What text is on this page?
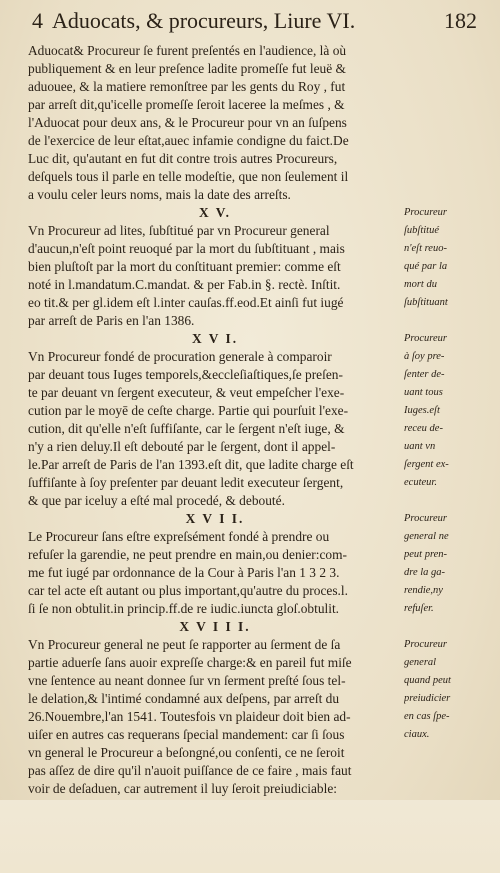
4 Aduocats, & procureurs, Liure VI.	182
Aduocat& Procureur ſe furent preſentés en l'audience, là où
publiquement & en leur preſence ladite promeſſe fut leuë &
aduouee, & la matiere remonſtree par les gents du Roy , fut
par arreſt dit,qu'icelle promeſſe ſeroit laceree la meſmes , &
l'Aduocat pour deux ans, & le Procureur pour vn an ſuſpens
de l'exercice de leur eſtat,auec infamie condigne du faict.De
Luc dit, qu'autant en fut dit contre trois autres Procureurs,
deſquels tous il parle en telle modeſtie, que non ſeulement il
a voulu celer leurs noms, mais la date des arreſts.
X V.
Vn Procureur ad lites, ſubſtitué par vn Procureur general
d'aucun,n'eſt point reuoqué par la mort du ſubſtituant , mais
bien pluſtoſt par la mort du conſtituant premier: comme eſt
noté in l.mandatum.C.mandat. & per Fab.in §. rectè. Inſtit.
eo tit.& per gl.idem eſt l.inter cauſas.ff.eod.Et ainſi fut iugé
par arreſt de Paris en l'an 1386.
X V I.
Vn Procureur fondé de procuration generale à comparoir
par deuant tous Iuges temporels,&eccleſiaſtiques,ſe preſen-
te par deuant vn ſergent executeur, & veut empeſcher l'exe-
cution par le moyē de ceſte charge. Partie qui pourſuit l'exe-
cution, dit qu'elle n'eſt ſuffiſante, car le ſergent n'eſt iuge, &
n'y a rien deluy.Il eſt debouté par le ſergent, dont il appel-
le.Par arreſt de Paris de l'an 1393.eſt dit, que ladite charge eſt
ſuffiſante à ſoy preſenter par deuant ledit executeur ſergent,
& que par iceluy a eſté mal procedé, & debouté.
X V I I.
Le Procureur ſans eſtre expreſsément fondé à prendre ou
refuſer la garendie, ne peut prendre en main,ou denier:com-
me fut iugé par ordonnance de la Cour à Paris l'an 1 3 2 3.
car tel acte eſt autant ou plus important,qu'autre du proces.l.
ſi ſe non obtulit.in princip.ff.de re iudic.iuncta gloſ.obtulit.
X V I I I.
Vn Procureur general ne peut ſe rapporter au ſerment de ſa
partie aduerſe ſans auoir expreſſe charge:& en pareil fut miſe
vne ſentence au neant donnee ſur vn ſerment preſté ſous tel-
le delation,& l'intimé condamné aux deſpens, par arreſt du
26.Nouembre,l'an 1541. Toutesfois vn plaideur doit bien ad-
uiſer en autres cas requerans ſpecial mandement: car ſi ſous
vn general le Procureur a beſongné,ou conſenti, ce ne ſeroit
pas aſſez de dire qu'il n'auoit puiſſance de ce faire , mais faut
voir de deſaduen, car autrement il luy ſeroit preiudiciable:
Procureur
ſubſtitué
n'eſt reuo-
qué par la
mort du
ſubſtituant
Procureur
à ſoy pre-
ſenter de-
uant tous
Iuges.eſt
receu de-
uant vn
ſergent ex-
ecuteur.
Procureur
general ne
peut pren-
dre la ga-
rendie,ny
refuſer.
Procureur
general
quand peut
preiudicier
en cas ſpe-
ciaux.
